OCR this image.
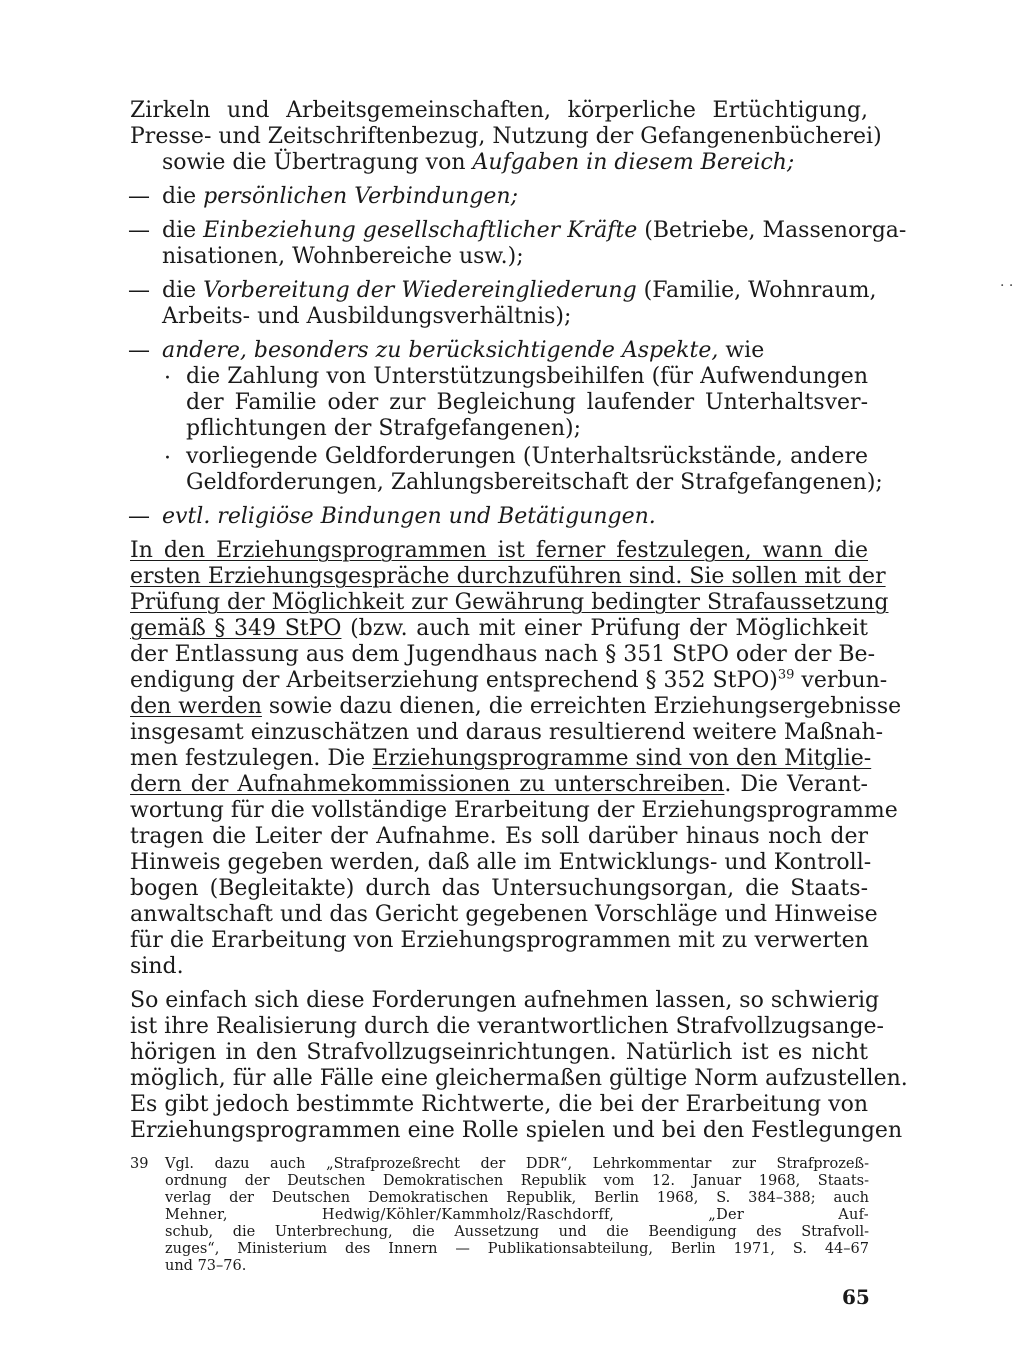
Zirkeln und Arbeitsgemeinschaften, körperliche Ertüchtigung,
Presse- und Zeitschriftenbezug, Nutzung der Gefangenenbücherei)
sowie die Übertragung von Aufgaben in diesem Bereich;
— die persönlichen Verbindungen;
— die Einbeziehung gesellschaftlicher Kräfte (Betriebe, Massenorga-
nisationen, Wohnbereiche usw.);
— die Vorbereitung der Wiedereingliederung (Familie, Wohnraum,
Arbeits- und Ausbildungsverhältnis);
— andere, besonders zu berücksichtigende Aspekte, wie
· die Zahlung von Unterstützungsbeihilfen (für Aufwendungen
der Familie oder zur Begleichung laufender Unterhaltsver-
pflichtungen der Strafgefangenen);
· vorliegende Geldforderungen (Unterhaltsrückstände, andere
Geldforderungen, Zahlungsbereitschaft der Strafgefangenen);
— evtl. religiöse Bindungen und Betätigungen.
In den Erziehungsprogrammen ist ferner festzulegen, wann die
ersten Erziehungsgespräche durchzuführen sind. Sie sollen mit der
Prüfung der Möglichkeit zur Gewährung bedingter Strafaussetzung
gemäß § 349 StPO (bzw. auch mit einer Prüfung der Möglichkeit
der Entlassung aus dem Jugendhaus nach § 351 StPO oder der Be-
endigung der Arbeitserziehung entsprechend § 352 StPO)$^{39}$ verbun-
den werden sowie dazu dienen, die erreichten Erziehungsergebnisse
insgesamt einzuschätzen und daraus resultierend weitere Maßnah-
men festzulegen. Die Erziehungsprogramme sind von den Mitglie-
dern der Aufnahmekommissionen zu unterschreiben. Die Verant-
wortung für die vollständige Erarbeitung der Erziehungsprogramme
tragen die Leiter der Aufnahme. Es soll darüber hinaus noch der
Hinweis gegeben werden, daß alle im Entwicklungs- und Kontroll-
bogen (Begleitakte) durch das Untersuchungsorgan, die Staats-
anwaltschaft und das Gericht gegebenen Vorschläge und Hinweise
für die Erarbeitung von Erziehungsprogrammen mit zu verwerten
sind.
So einfach sich diese Forderungen aufnehmen lassen, so schwierig
ist ihre Realisierung durch die verantwortlichen Strafvollzugsange-
hörigen in den Strafvollzugseinrichtungen. Natürlich ist es nicht
möglich, für alle Fälle eine gleichermaßen gültige Norm aufzustellen.
Es gibt jedoch bestimmte Richtwerte, die bei der Erarbeitung von
Erziehungsprogrammen eine Rolle spielen und bei den Festlegungen
39 Vgl. dazu auch „Strafprozeßrecht der DDR“, Lehrkommentar zur Strafprozeß-
ordnung der Deutschen Demokratischen Republik vom 12. Januar 1968, Staats-
verlag der Deutschen Demokratischen Republik, Berlin 1968, S. 384–388; auch
Mehner, Hedwig/Köhler/Kammholz/Raschdorff, „Der Auf-
schub, die Unterbrechung, die Aussetzung und die Beendigung des Strafvoll-
zuges“, Ministerium des Innern — Publikationsabteilung, Berlin 1971, S. 44–67
und 73–76.
65
· ·
